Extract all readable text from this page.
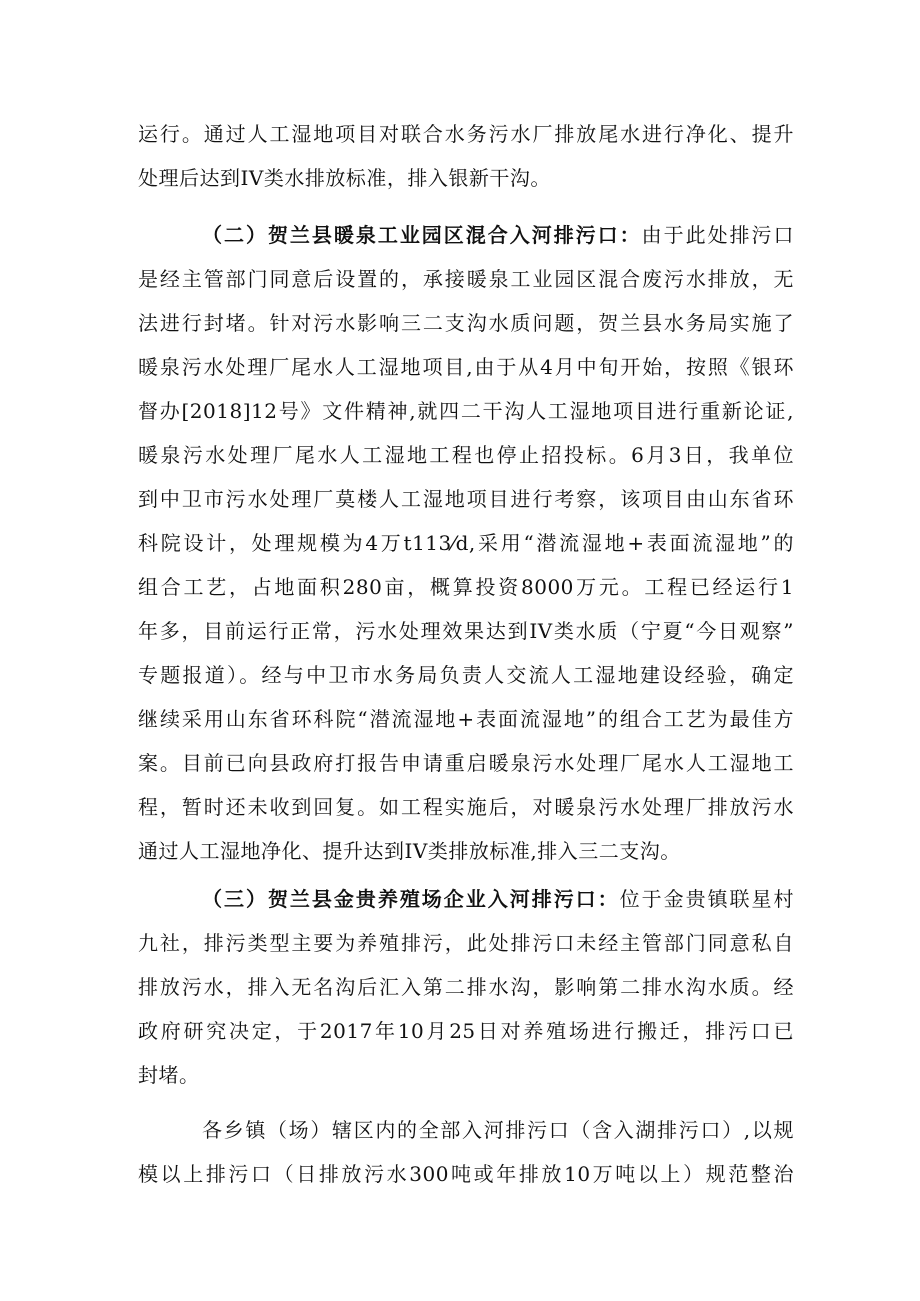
运行。通过人工湿地项目对联合水务污水厂排放尾水进行净化、提升
处理后达到IV类水排放标准，排入银新干沟。
（二）贺兰县暖泉工业园区混合入河排污口：由于此处排污口
是经主管部门同意后设置的，承接暖泉工业园区混合废污水排放，无
法进行封堵。针对污水影响三二支沟水质问题，贺兰县水务局实施了
暖泉污水处理厂尾水人工湿地项目,由于从4月中旬开始，按照《银环
督办[2018]12号》文件精神,就四二干沟人工湿地项目进行重新论证,
暖泉污水处理厂尾水人工湿地工程也停止招投标。6月3日，我单位
到中卫市污水处理厂莫楼人工湿地项目进行考察，该项目由山东省环
科院设计，处理规模为4万t113⁄d,采用“潜流湿地+表面流湿地”的
组合工艺，占地面积280亩，概算投资8000万元。工程已经运行1
年多，目前运行正常，污水处理效果达到IV类水质（宁夏“今日观察”
专题报道）。经与中卫市水务局负责人交流人工湿地建设经验，确定
继续采用山东省环科院“潜流湿地+表面流湿地”的组合工艺为最佳方
案。目前已向县政府打报告申请重启暖泉污水处理厂尾水人工湿地工
程，暂时还未收到回复。如工程实施后，对暖泉污水处理厂排放污水
通过人工湿地净化、提升达到IV类排放标准,排入三二支沟。
（三）贺兰县金贵养殖场企业入河排污口：位于金贵镇联星村
九社，排污类型主要为养殖排污，此处排污口未经主管部门同意私自
排放污水，排入无名沟后汇入第二排水沟，影响第二排水沟水质。经
政府研究决定，于2017年10月25日对养殖场进行搬迁，排污口已
封堵。
各乡镇（场）辖区内的全部入河排污口（含入湖排污口）,以规
模以上排污口（日排放污水300吨或年排放10万吨以上）规范整治
